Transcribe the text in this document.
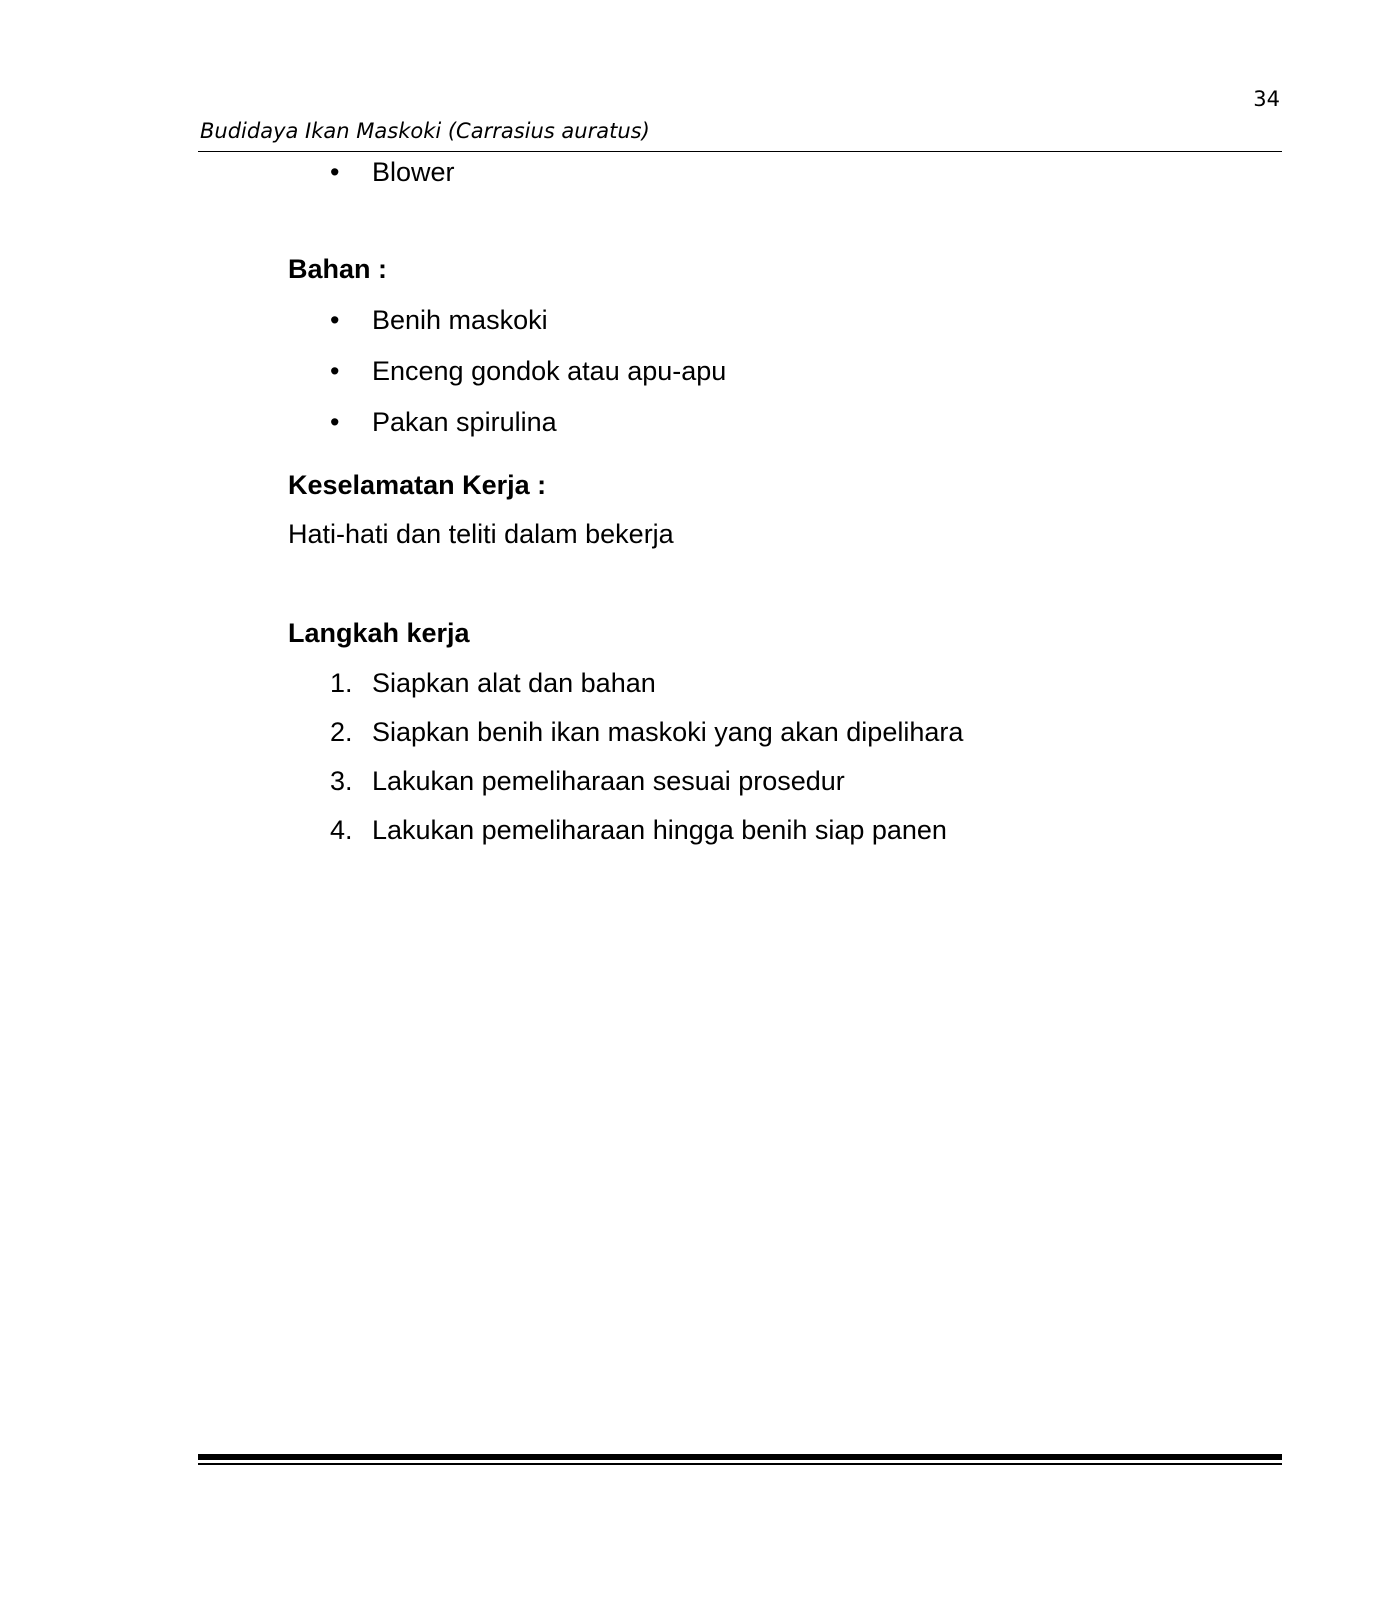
34
Budidaya Ikan Maskoki (Carrasius auratus)
• Blower
Bahan :
• Benih maskoki
• Enceng gondok atau apu-apu
• Pakan spirulina
Keselamatan Kerja :
Hati-hati dan teliti dalam bekerja
Langkah kerja
1. Siapkan alat dan bahan
2. Siapkan benih ikan maskoki yang akan dipelihara
3. Lakukan pemeliharaan sesuai prosedur
4. Lakukan pemeliharaan hingga benih siap panen
